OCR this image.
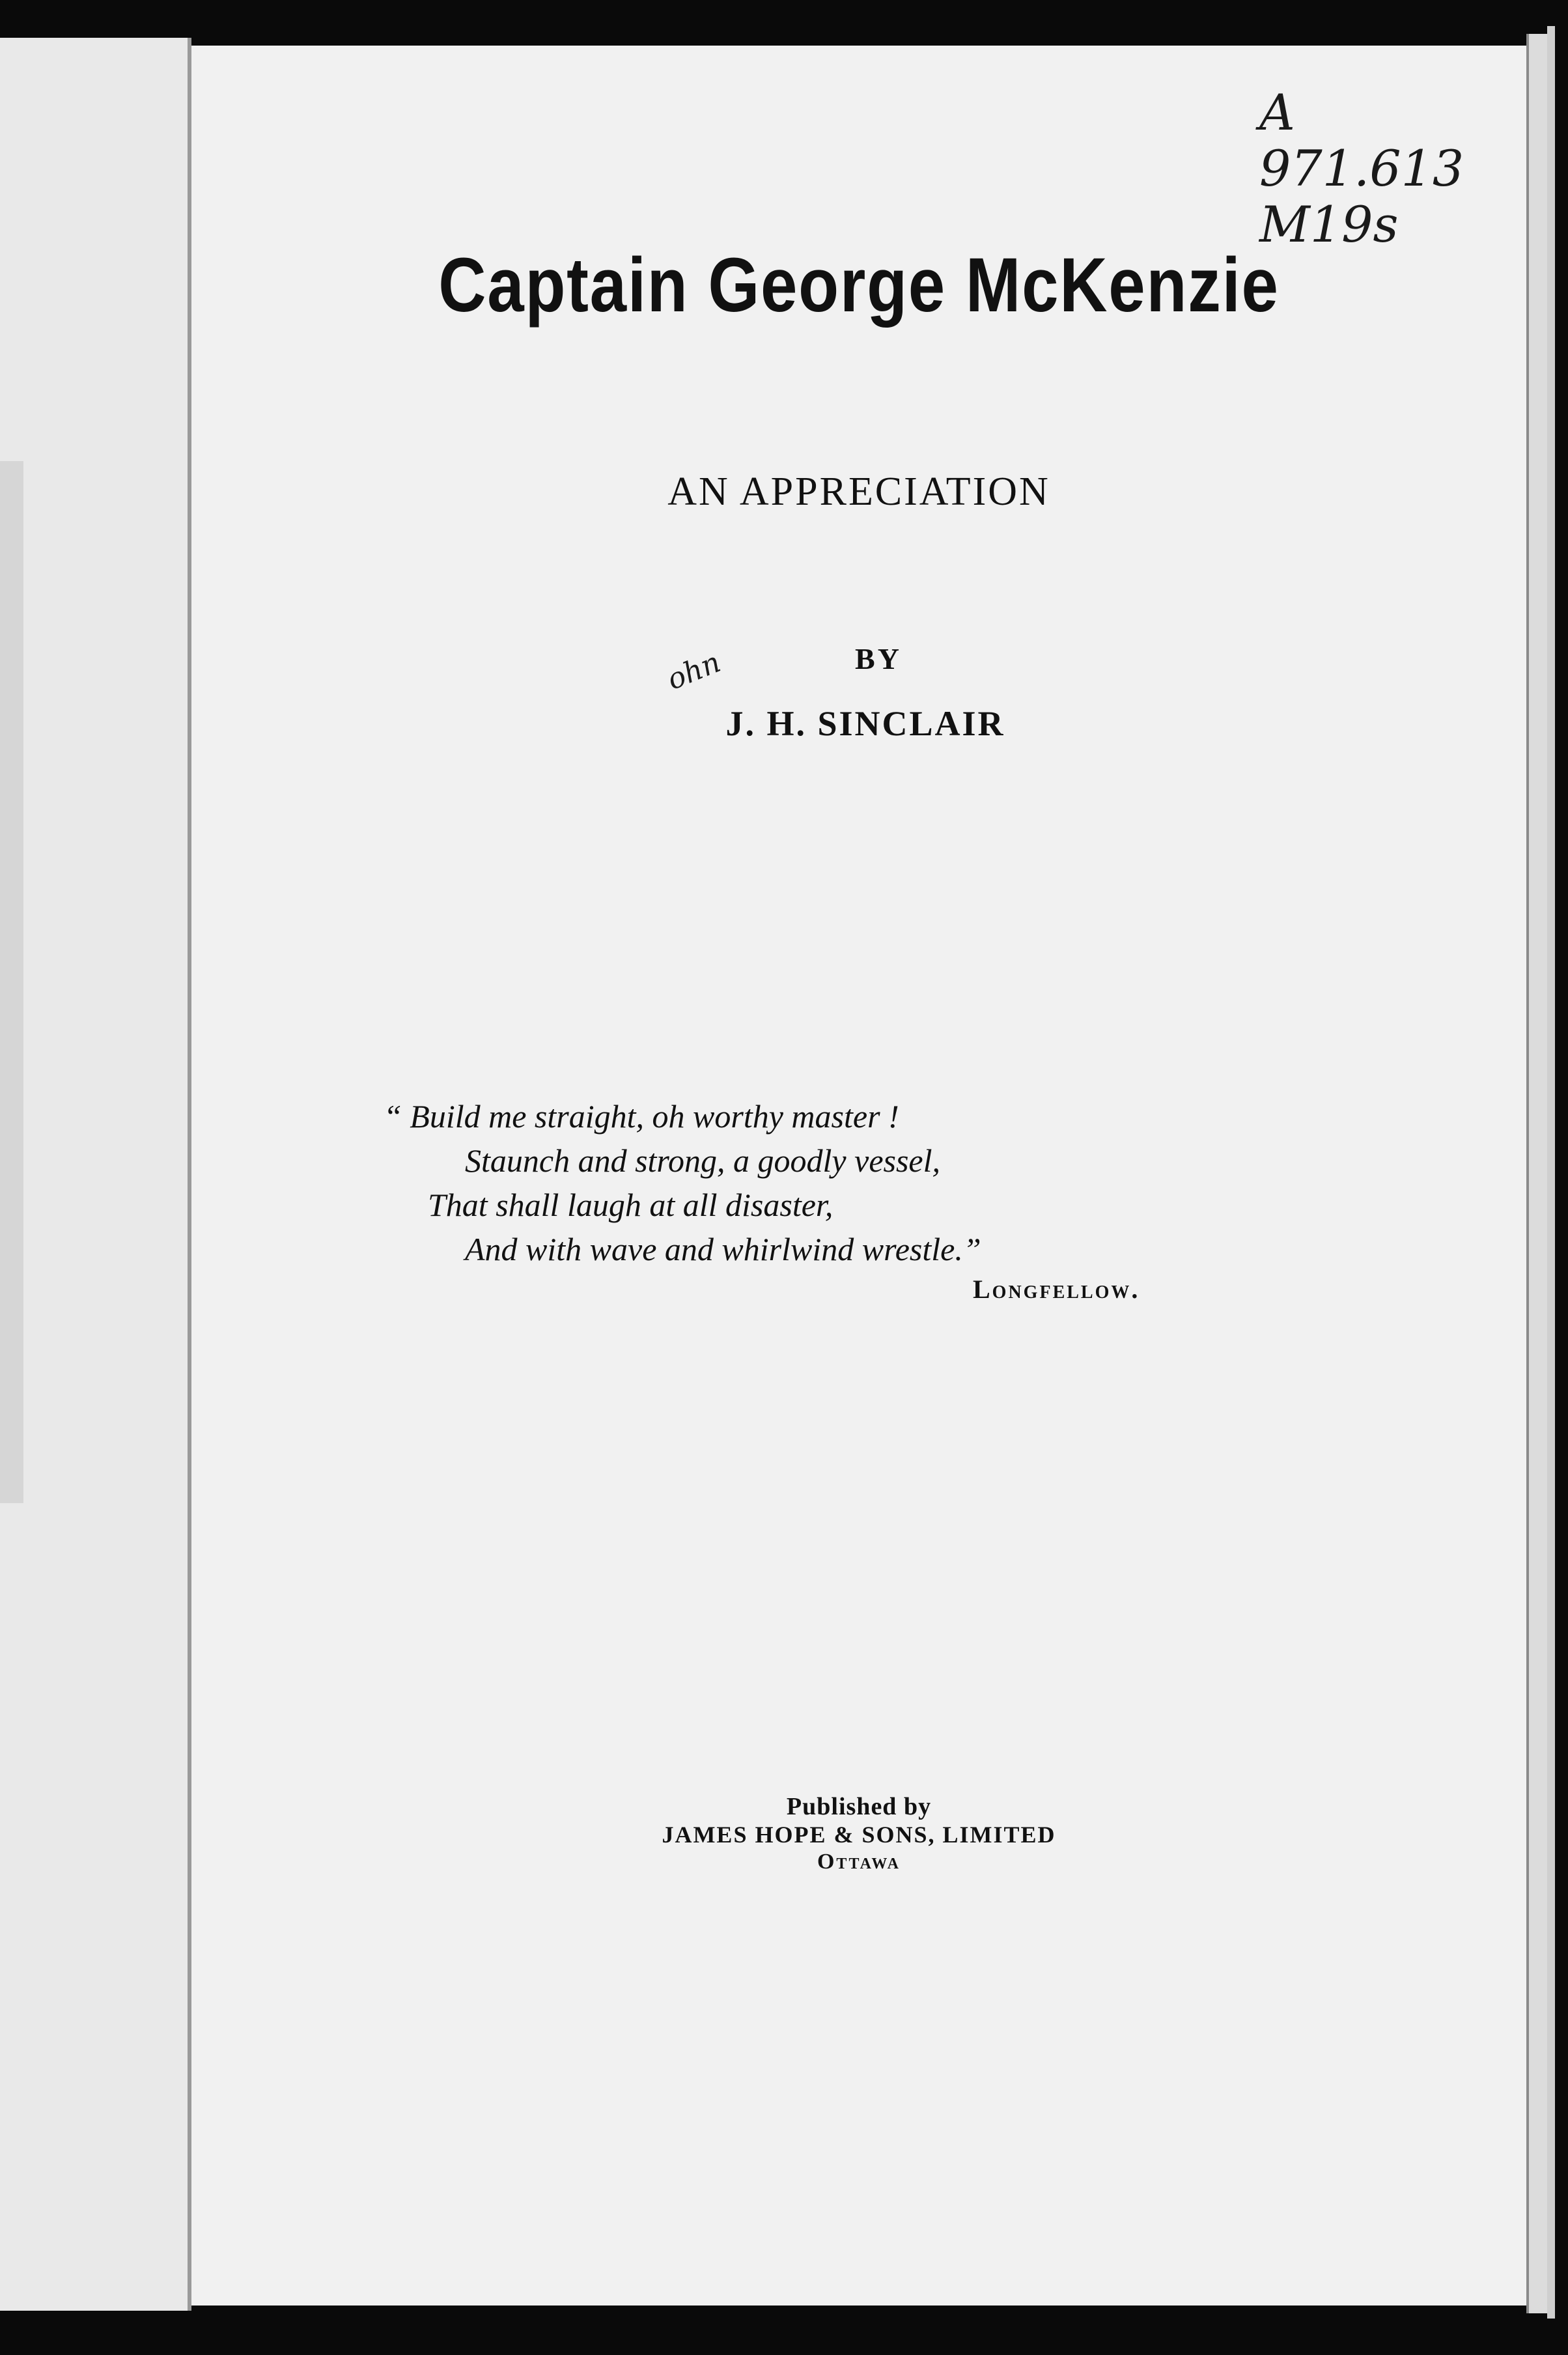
A
971.613
M19s
Captain George McKenzie
AN APPRECIATION
BY
ohn
J. H. SINCLAIR
“ Build me straight, oh worthy master !
Staunch and strong, a goodly vessel,
That shall laugh at all disaster,
And with wave and whirlwind wrestle.”
Longfellow.
Published by
JAMES HOPE & SONS, LIMITED
Ottawa
